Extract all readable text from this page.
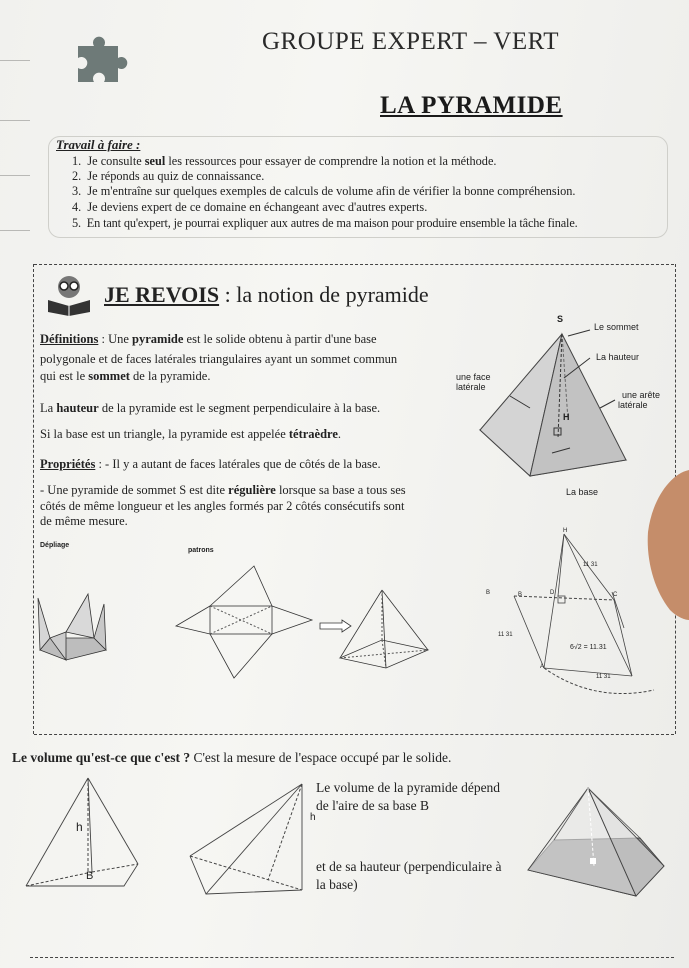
GROUPE EXPERT – VERT
LA PYRAMIDE
Travail à faire :
1. Je consulte seul les ressources pour essayer de comprendre la notion et la méthode.
2. Je réponds au quiz de connaissance.
3. Je m'entraîne sur quelques exemples de calculs de volume afin de vérifier la bonne compréhension.
4. Je deviens expert de ce domaine en échangeant avec d'autres experts.
5. En tant qu'expert, je pourrai expliquer aux autres de ma maison pour produire ensemble la tâche finale.
JE REVOIS : la notion de pyramide
Définitions : Une pyramide est le solide obtenu à partir d'une base
polygonale et de faces latérales triangulaires ayant un sommet commun
qui est le sommet de la pyramide.
La hauteur de la pyramide est le segment perpendiculaire à la base.
Si la base est un triangle, la pyramide est appelée tétraèdre.
Propriétés : - Il y a autant de faces latérales que de côtés de la base.
- Une pyramide de sommet S est dite régulière lorsque sa base a tous ses
côtés de même longueur et les angles formés par 2 côtés consécutifs sont
de même mesure.
S
Le sommet
La hauteur
une face
latérale
une arête
latérale
H
La base
Dépliage
patrons
H
11 31
B	B	D	C
11 31
6√2 = 11.31
A
11 31
Le volume qu'est-ce que c'est ? C'est la mesure de l'espace occupé par le solide.
Le volume de la pyramide dépend
de l'aire de sa base B
et de sa hauteur (perpendiculaire à
la base)
h
B
h
